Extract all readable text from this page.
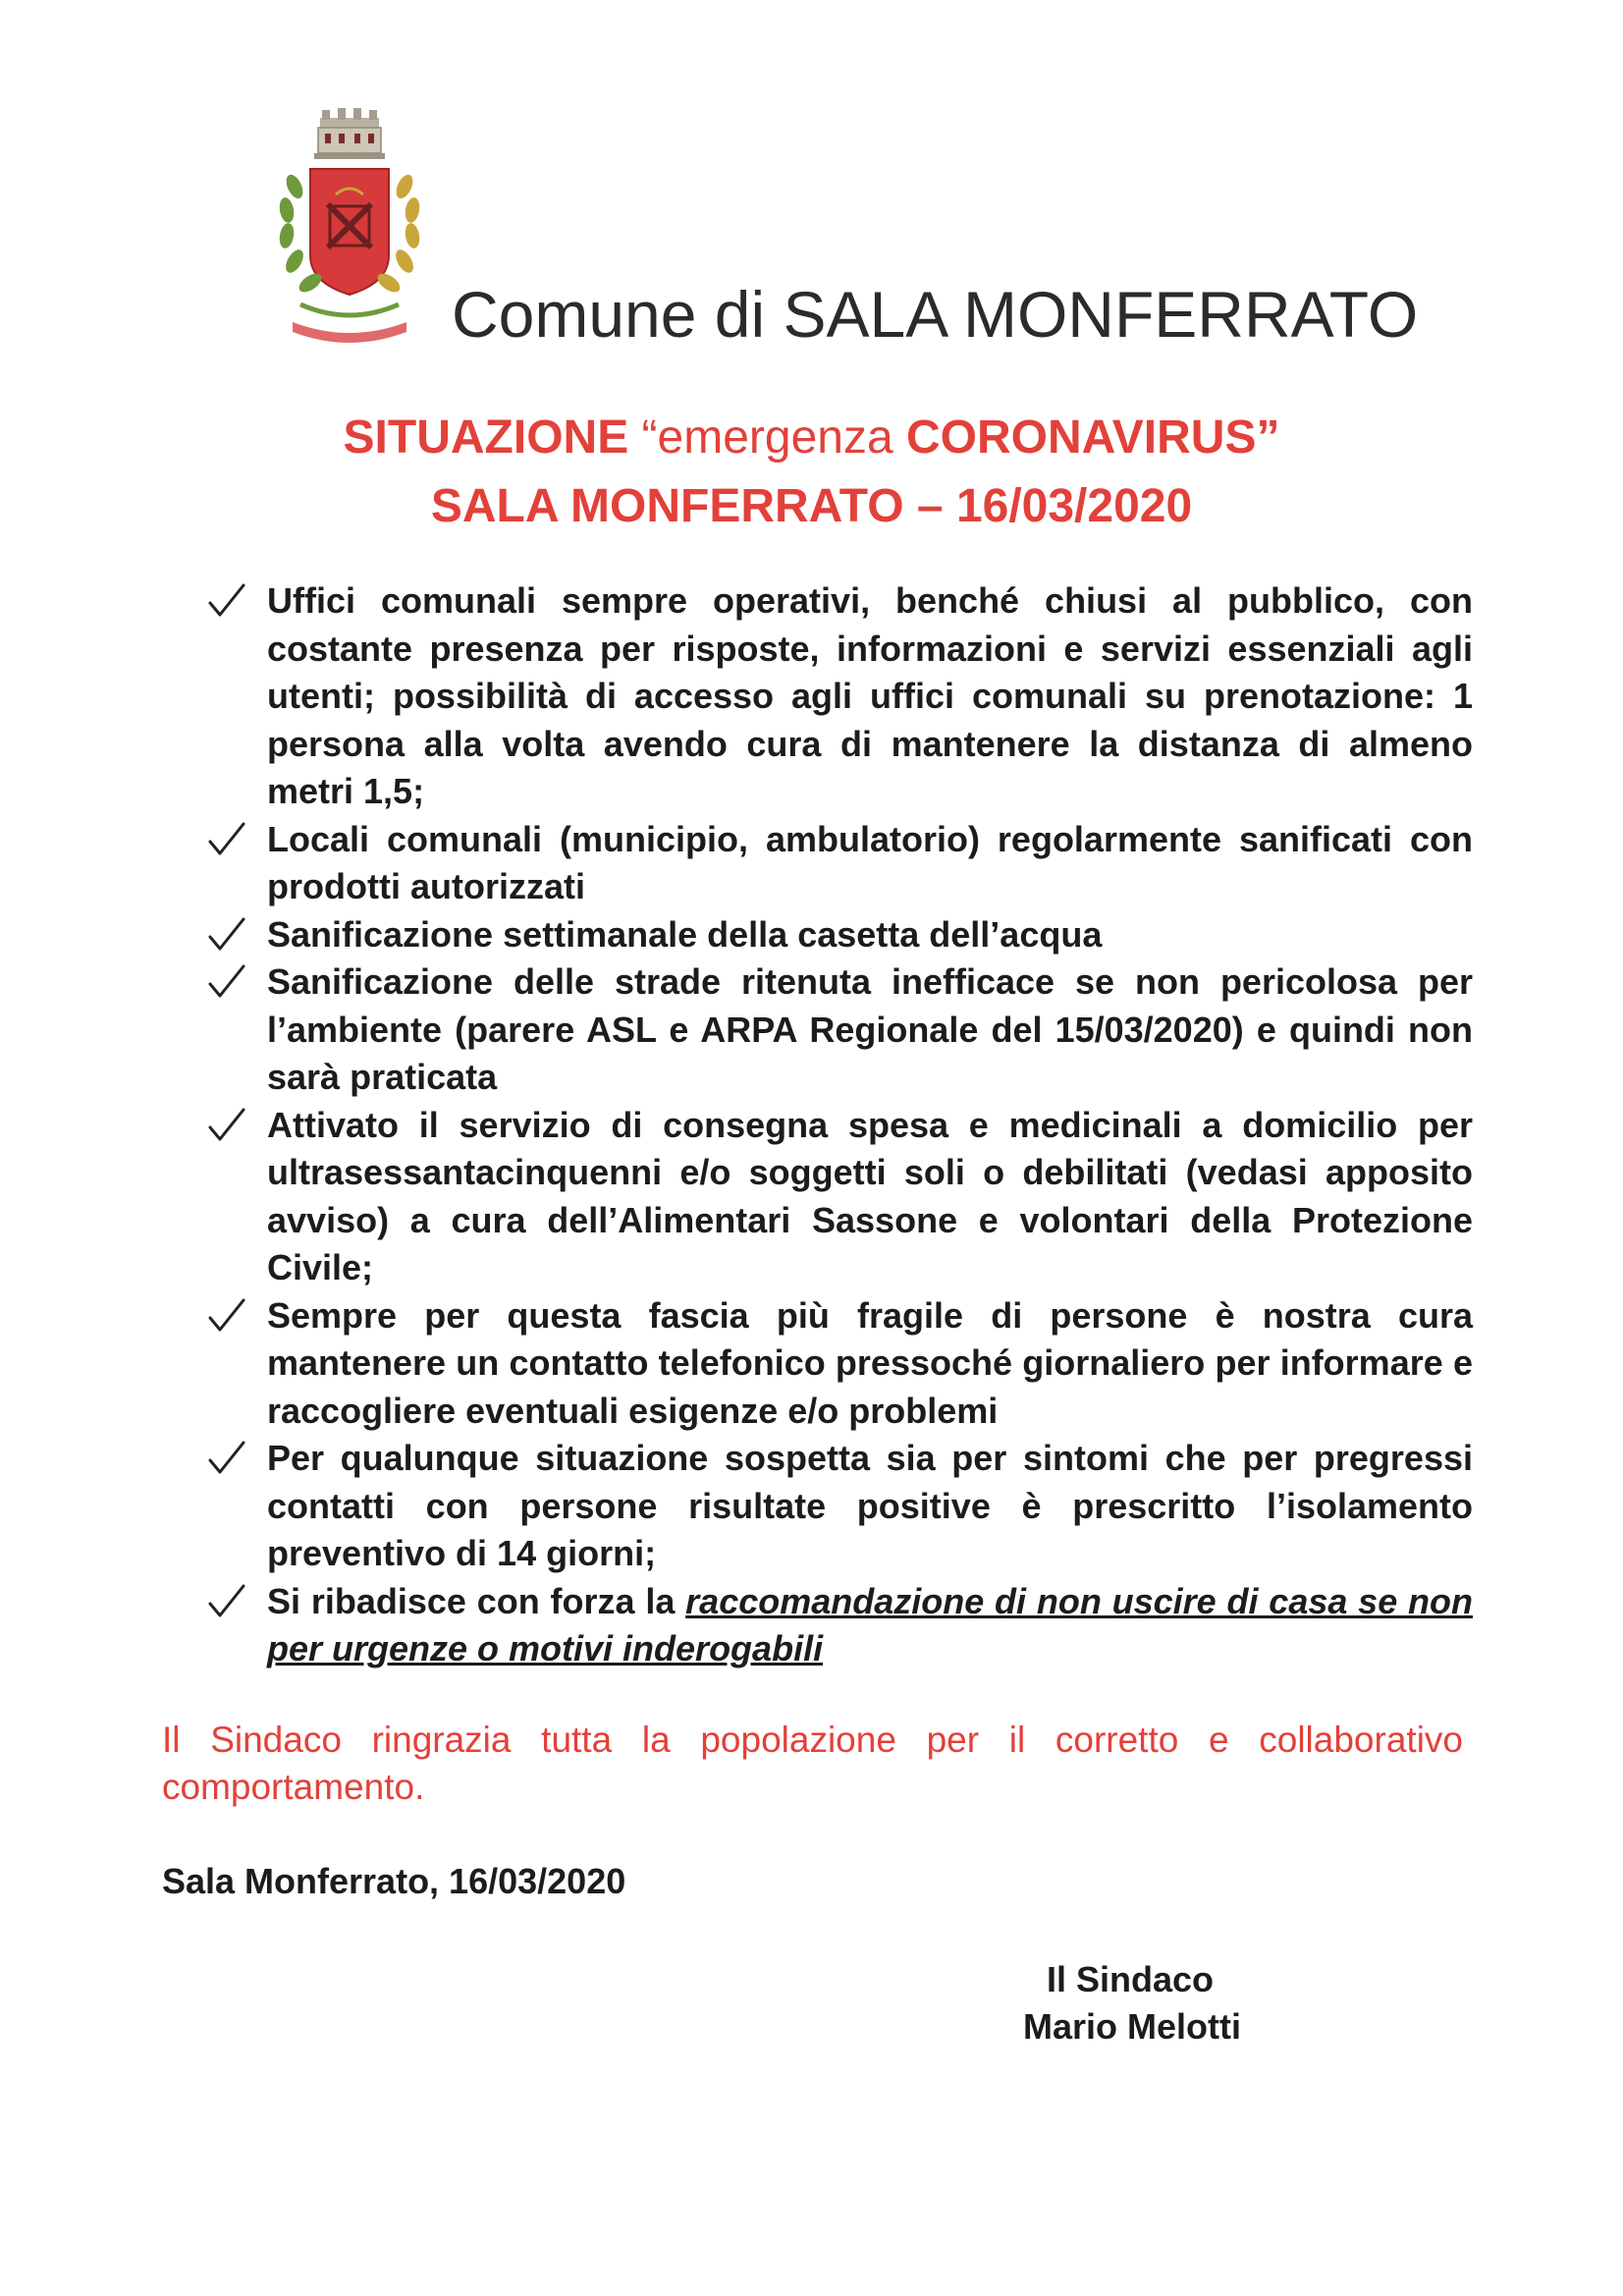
Comune di SALA MONFERRATO
SITUAZIONE “emergenza CORONAVIRUS”
SALA MONFERRATO – 16/03/2020
Uffici comunali sempre operativi, benché chiusi al pubblico, con costante presenza per risposte, informazioni e servizi essenziali agli utenti; possibilità di accesso agli uffici comunali su prenotazione: 1 persona alla volta avendo cura di mantenere la distanza di almeno metri 1,5;
Locali comunali (municipio, ambulatorio) regolarmente sanificati con prodotti autorizzati
Sanificazione settimanale della casetta dell’acqua
Sanificazione delle strade ritenuta inefficace se non pericolosa per l’ambiente (parere ASL e ARPA Regionale del 15/03/2020) e quindi non sarà praticata
Attivato il servizio di consegna spesa e medicinali a domicilio per ultrasessantacinquenni e/o soggetti soli o debilitati (vedasi apposito avviso) a cura dell’Alimentari Sassone e volontari della Protezione Civile;
Sempre per questa fascia più fragile di persone è nostra cura mantenere un contatto telefonico pressoché giornaliero per informare e raccogliere eventuali esigenze e/o problemi
Per qualunque situazione sospetta sia per sintomi che per pregressi contatti con persone risultate positive è prescritto l’isolamento preventivo di 14 giorni;
Si ribadisce con forza la raccomandazione di non uscire di casa se non per urgenze o motivi inderogabili
Il Sindaco ringrazia tutta la popolazione per il corretto e collaborativo comportamento.
Sala Monferrato, 16/03/2020
Il Sindaco
Mario Melotti
